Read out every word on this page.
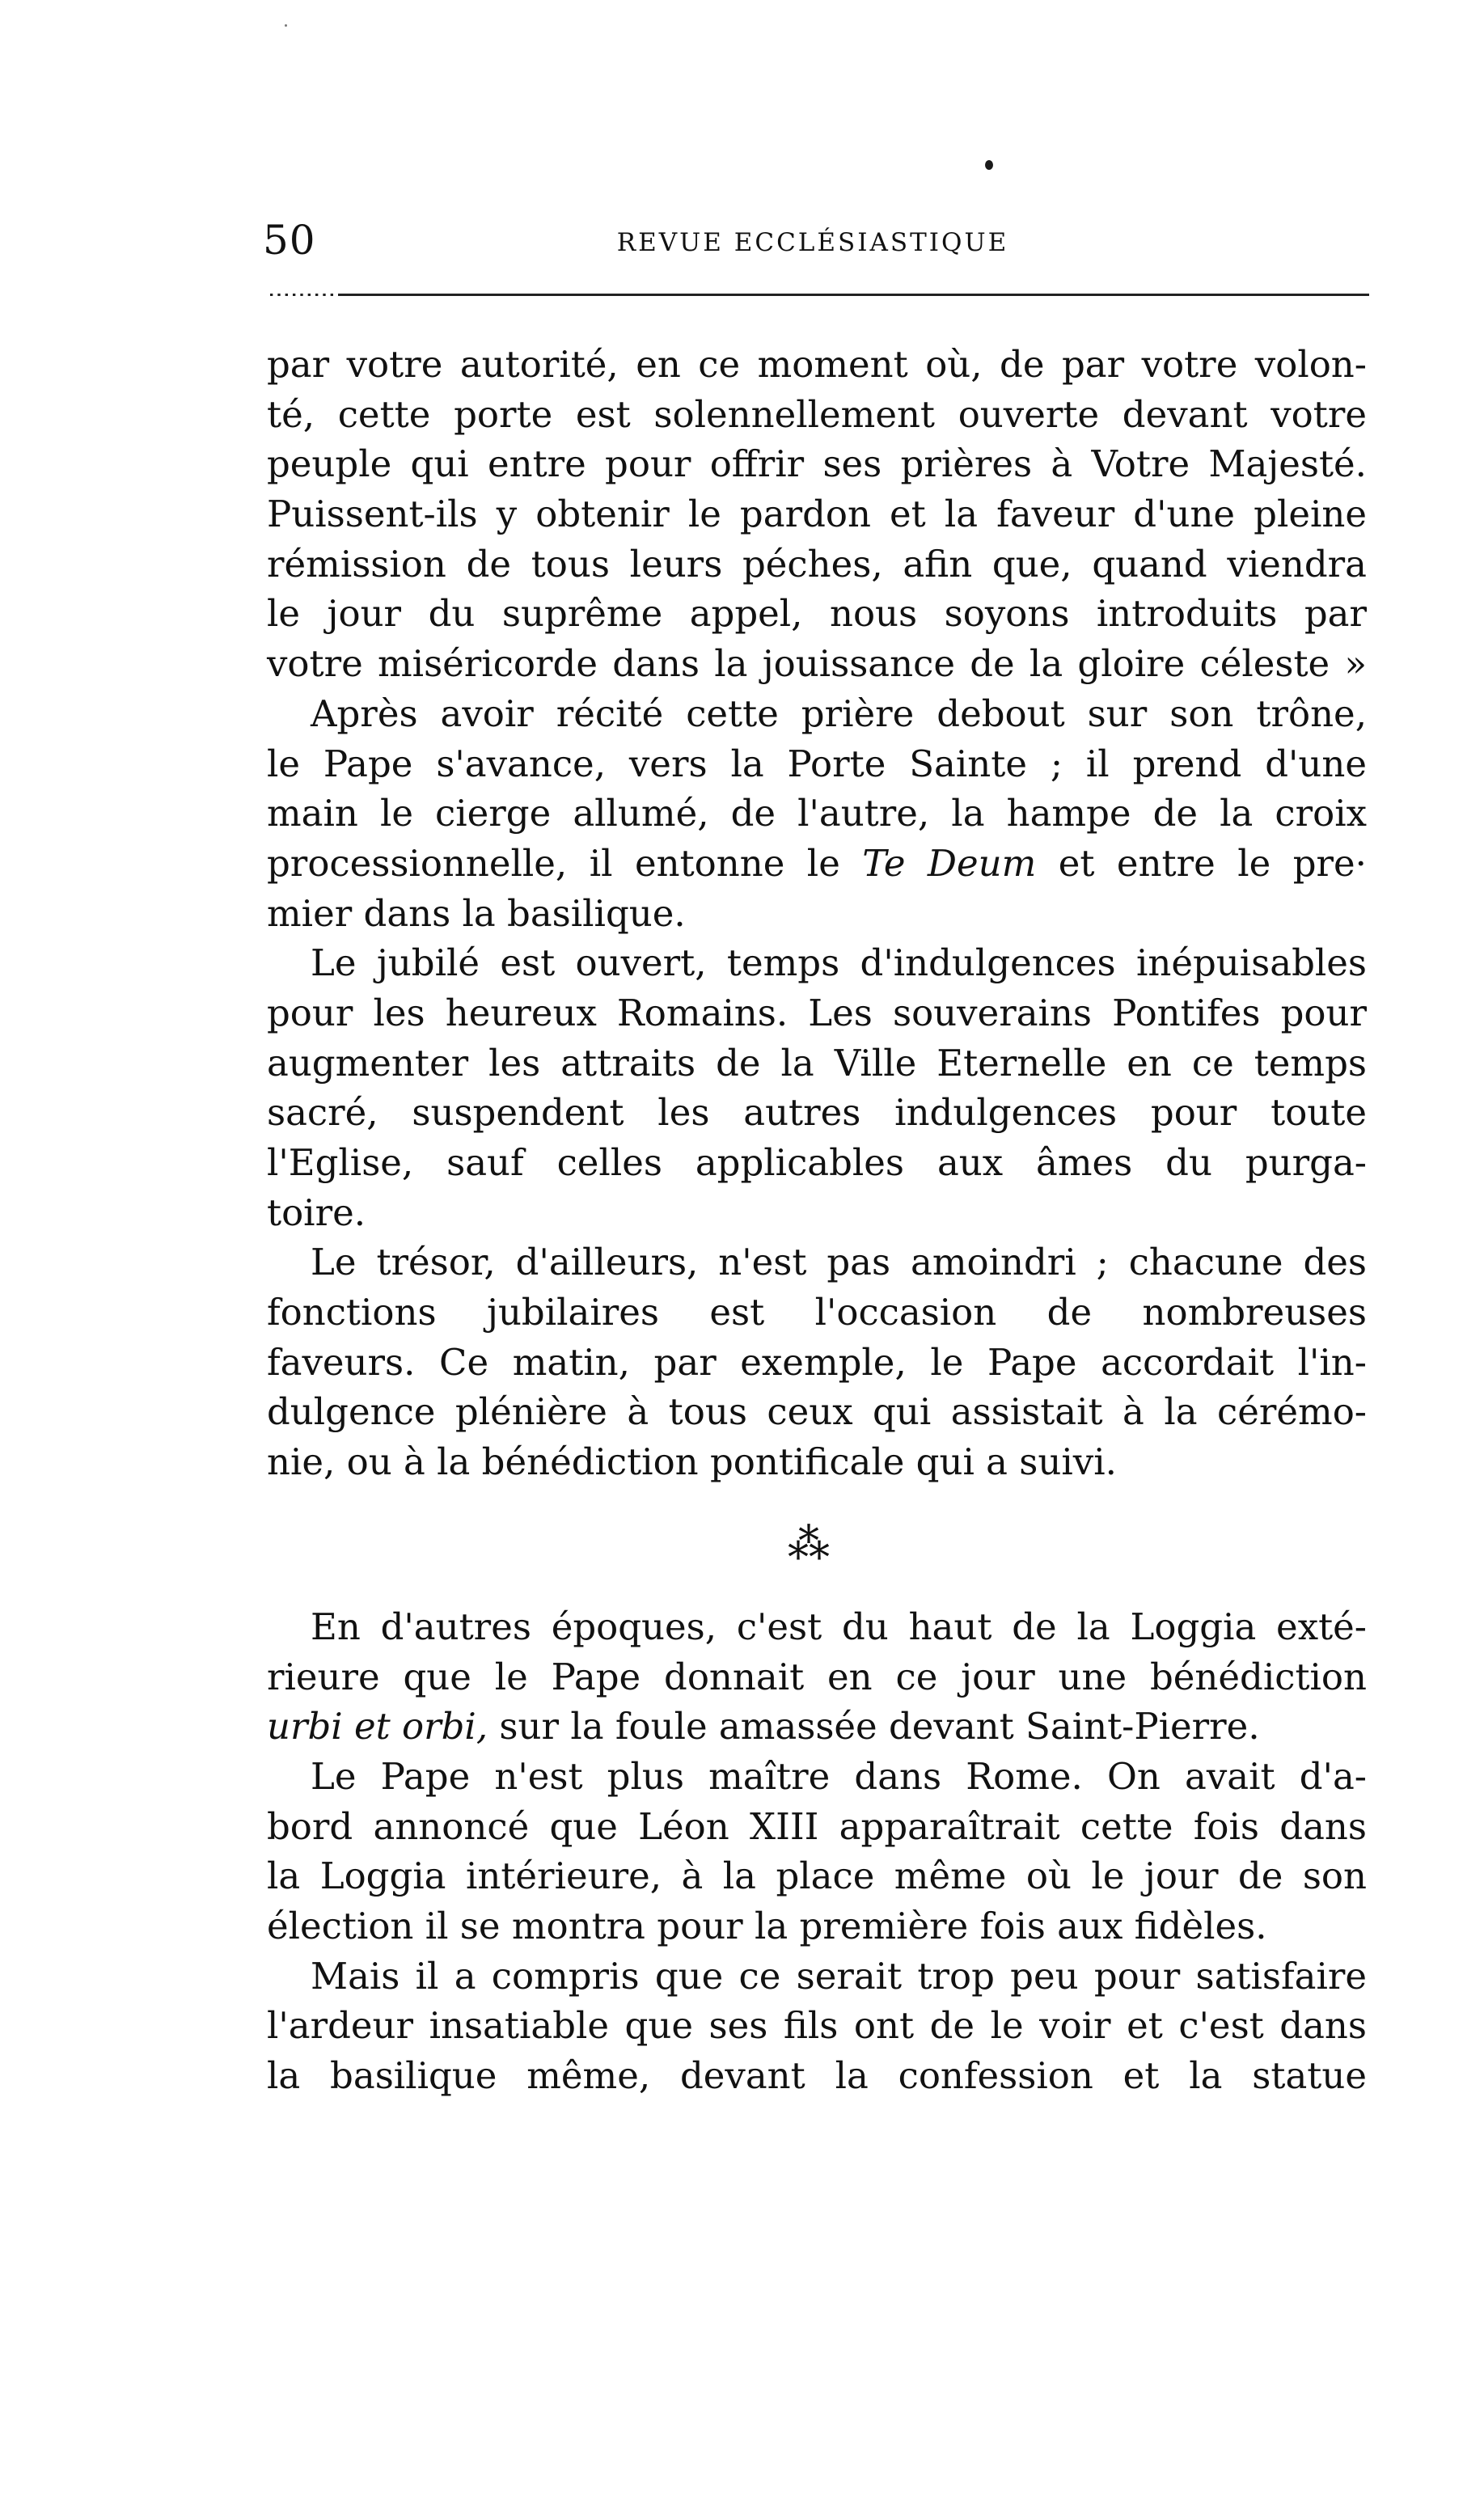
50	REVUE ECCLÉSIASTIQUE
par votre autorité, en ce moment où, de par votre volon-
té, cette porte est solennellement ouverte devant votre
peuple qui entre pour offrir ses prières à Votre Majesté.
Puissent-ils y obtenir le pardon et la faveur d'une pleine
rémission de tous leurs péches, afin que, quand viendra
le jour du suprême appel, nous soyons introduits par
votre miséricorde dans la jouissance de la gloire céleste »
Après avoir récité cette prière debout sur son trône,
le Pape s'avance, vers la Porte Sainte ; il prend d'une
main le cierge allumé, de l'autre, la hampe de la croix
processionnelle, il entonne le Te Deum et entre le pre·
mier dans la basilique.
Le jubilé est ouvert, temps d'indulgences inépuisables
pour les heureux Romains. Les souverains Pontifes pour
augmenter les attraits de la Ville Eternelle en ce temps
sacré, suspendent les autres indulgences pour toute
l'Eglise, sauf celles applicables aux âmes du purga-
toire.
Le trésor, d'ailleurs, n'est pas amoindri ; chacune des
fonctions jubilaires est l'occasion de nombreuses
faveurs. Ce matin, par exemple, le Pape accordait l'in-
dulgence plénière à tous ceux qui assistait à la cérémo-
nie, ou à la bénédiction pontificale qui a suivi.
⁂
En d'autres époques, c'est du haut de la Loggia exté-
rieure que le Pape donnait en ce jour une bénédiction
urbi et orbi, sur la foule amassée devant Saint-Pierre.
Le Pape n'est plus maître dans Rome. On avait d'a-
bord annoncé que Léon XIII apparaîtrait cette fois dans
la Loggia intérieure, à la place même où le jour de son
élection il se montra pour la première fois aux fidèles.
Mais il a compris que ce serait trop peu pour satisfaire
l'ardeur insatiable que ses fils ont de le voir et c'est dans
la basilique même, devant la confession et la statue
